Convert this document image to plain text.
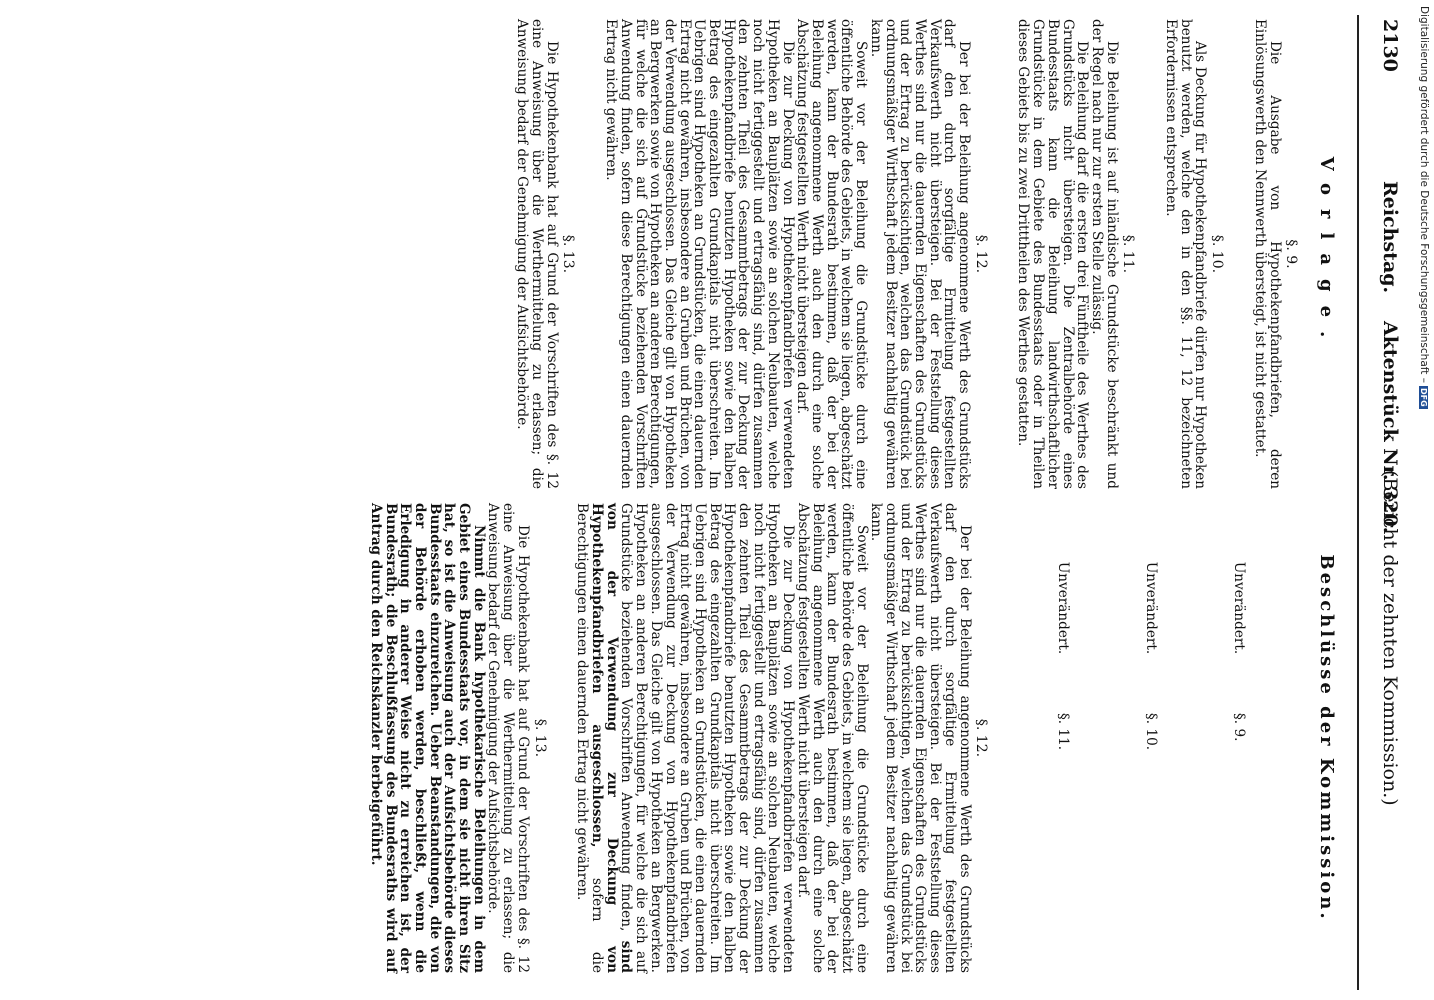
Digitalisierung gefördert durch die Deutsche Forschungsgemeinschaft –DFG
2130
Reichstag.
Aktenstück Nr. 320.
(Bericht der zehnten Kommission.)
Vorlage.
§. 9.

Die Ausgabe von Hypothekenpfandbriefen, deren Einlösungswerth den Nennwerth übersteigt, ist nicht gestattet.

§. 10.

Als Deckung für Hypothekenpfandbriefe dürfen nur Hypotheken benutzt werden, welche den in den §§. 11, 12 bezeichneten Erfordernissen entsprechen.

§. 11.

Die Beleihung ist auf inländische Grundstücke beschränkt und der Regel nach nur zur ersten Stelle zulässig.

Die Beleihung darf die ersten drei Fünftheile des Werthes des Grundstücks nicht übersteigen. Die Zentralbehörde eines Bundesstaats kann die Beleihung landwirthschaftlicher Grundstücke in dem Gebiete des Bundesstaats oder in Theilen dieses Gebiets bis zu zwei Dritttheilen des Werthes gestatten.

§. 12.

Der bei der Beleihung angenommene Werth des Grundstücks darf den durch sorgfältige Ermittelung festgestellten Verkaufswerth nicht übersteigen. Bei der Feststellung dieses Werthes sind nur die dauernden Eigenschaften des Grundstücks und der Ertrag zu berücksichtigen, welchen das Grundstück bei ordnungsmäßiger Wirthschaft jedem Besitzer nachhaltig gewähren kann.

Soweit vor der Beleihung die Grundstücke durch eine öffentliche Behörde des Gebiets, in welchem sie liegen, abgeschätzt werden, kann der Bundesrath bestimmen, daß der bei der Beleihung angenommene Werth auch den durch eine solche Abschätzung festgestellten Werth nicht übersteigen darf.

Die zur Deckung von Hypothekenpfandbriefen verwendeten Hypotheken an Bauplätzen sowie an solchen Neubauten, welche noch nicht fertiggestellt und ertragsfähig sind, dürfen zusammen den zehnten Theil des Gesammtbetrags der zur Deckung der Hypothekenpfandbriefe benutzten Hypotheken sowie den halben Betrag des eingezahlten Grundkapitals nicht überschreiten. Im Uebrigen sind Hypotheken an Grundstücken, die einen dauernden Ertrag nicht gewähren, insbesondere an Gruben und Brüchen, von der Verwendung ausgeschlossen. Das Gleiche gilt von Hypotheken an Bergwerken sowie von Hypotheken an anderen Berechtigungen, für welche die sich auf Grundstücke beziehenden Vorschriften Anwendung finden, sofern diese Berechtigungen einen dauernden Ertrag nicht gewähren.

§. 13.

Die Hypothekenbank hat auf Grund der Vorschriften des §. 12 eine Anweisung über die Werthermittelung zu erlassen; die Anweisung bedarf der Genehmigung der Aufsichtsbehörde.

Beschlüsse der Kommission.
Unverändert.
§. 9.
Unverändert.
§. 10.
Unverändert.
§. 11.
§. 12.

Der bei der Beleihung angenommene Werth des Grundstücks darf den durch sorgfältige Ermittelung festgestellten Verkaufswerth nicht übersteigen. Bei der Feststellung dieses Werthes sind nur die dauernden Eigenschaften des Grundstücks und der Ertrag zu berücksichtigen, welchen das Grundstück bei ordnungsmäßiger Wirthschaft jedem Besitzer nachhaltig gewähren kann.

Soweit vor der Beleihung die Grundstücke durch eine öffentliche Behörde des Gebiets, in welchem sie liegen, abgeschätzt werden, kann der Bundesrath bestimmen, daß der bei der Beleihung angenommene Werth auch den durch eine solche Abschätzung festgestellten Werth nicht übersteigen darf.

Die zur Deckung von Hypothekenpfandbriefen verwendeten Hypotheken an Bauplätzen sowie an solchen Neubauten, welche noch nicht fertiggestellt und ertragsfähig sind, dürfen zusammen den zehnten Theil des Gesammtbetrags der zur Deckung der Hypothekenpfandbriefe benutzten Hypotheken sowie den halben Betrag des eingezahlten Grundkapitals nicht überschreiten. Im Uebrigen sind Hypotheken an Grundstücken, die einen dauernden Ertrag nicht gewähren, insbesondere an Gruben und Brüchen, von der Verwendung zur Deckung von Hypothekenpfandbriefen ausgeschlossen. Das Gleiche gilt von Hypotheken an Bergwerken. Hypotheken an anderen Berechtigungen, für welche die sich auf Grundstücke beziehenden Vorschriften Anwendung finden, sind von der Verwendung zur Deckung von Hypothekenpfandbriefen ausgeschlossen, sofern die Berechtigungen einen dauernden Ertrag nicht gewähren.

§. 13.

Die Hypothekenbank hat auf Grund der Vorschriften des §. 12 eine Anweisung über die Werthermittelung zu erlassen; die Anweisung bedarf der Genehmigung der Aufsichtsbehörde.

Nimmt die Bank hypothekarische Beleihungen in dem Gebiet eines Bundesstaats vor, in dem sie nicht ihren Sitz hat, so ist die Anweisung auch der Aufsichtsbehörde dieses Bundesstaats einzureichen. Ueber Beanstandungen, die von der Behörde erhoben werden, beschließt, wenn die Erledigung in anderer Weise nicht zu erreichen ist, der Bundesrath; die Beschlußfassung des Bundesraths wird auf Antrag durch den Reichskanzler herbeigeführt.
